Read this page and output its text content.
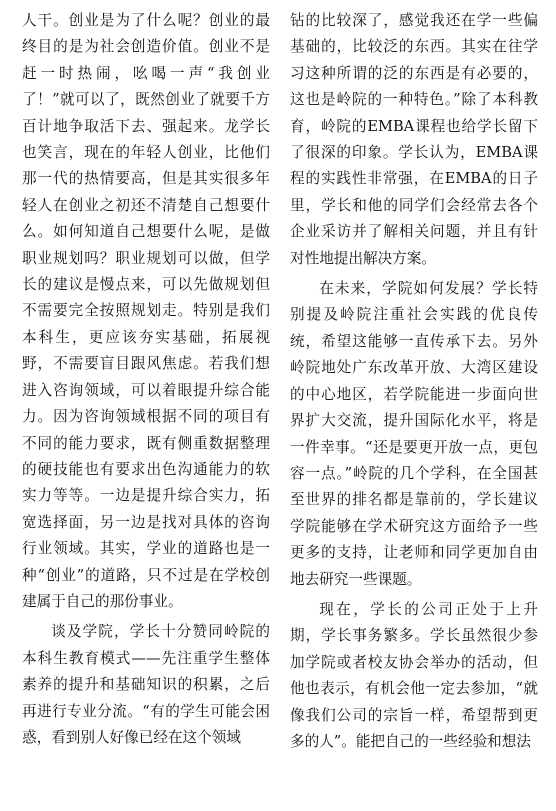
人干。创业是为了什么呢？创业的最终目的是为社会创造价值。创业不是赶一时热闹，吆喝一声“我创业了！”就可以了，既然创业了就要千方百计地争取活下去、强起来。龙学长也笑言，现在的年轻人创业，比他们那一代的热情要高，但是其实很多年轻人在创业之初还不清楚自己想要什么。如何知道自己想要什么呢，是做职业规划吗？职业规划可以做，但学长的建议是慢点来，可以先做规划但不需要完全按照规划走。特别是我们本科生，更应该夯实基础，拓展视野，不需要盲目跟风焦虑。若我们想进入咨询领域，可以着眼提升综合能力。因为咨询领域根据不同的项目有不同的能力要求，既有侧重数据整理的硬技能也有要求出色沟通能力的软实力等等。一边是提升综合实力，拓宽选择面，另一边是找对具体的咨询行业领域。其实，学业的道路也是一种“创业”的道路，只不过是在学校创建属于自己的那份事业。

谈及学院，学长十分赞同岭院的本科生教育模式——先注重学生整体素养的提升和基础知识的积累，之后再进行专业分流。“有的学生可能会困惑，看到别人好像已经在这个领域

钻的比较深了，感觉我还在学一些偏基础的，比较泛的东西。其实在往学习这种所谓的泛的东西是有必要的，这也是岭院的一种特色。”除了本科教育，岭院的EMBA课程也给学长留下了很深的印象。学长认为，EMBA课程的实践性非常强，在EMBA的日子里，学长和他的同学们会经常去各个企业采访并了解相关问题，并且有针对性地提出解决方案。

在未来，学院如何发展？学长特别提及岭院注重社会实践的优良传统，希望这能够一直传承下去。另外岭院地处广东改革开放、大湾区建设的中心地区，若学院能进一步面向世界扩大交流，提升国际化水平，将是一件幸事。“还是要更开放一点，更包容一点。”岭院的几个学科，在全国甚至世界的排名都是靠前的，学长建议学院能够在学术研究这方面给予一些更多的支持，让老师和同学更加自由地去研究一些课题。

现在，学长的公司正处于上升期，学长事务繁多。学长虽然很少参加学院或者校友协会举办的活动，但他也表示，有机会他一定去参加，“就像我们公司的宗旨一样，希望帮到更多的人”。能把自己的一些经验和想法
